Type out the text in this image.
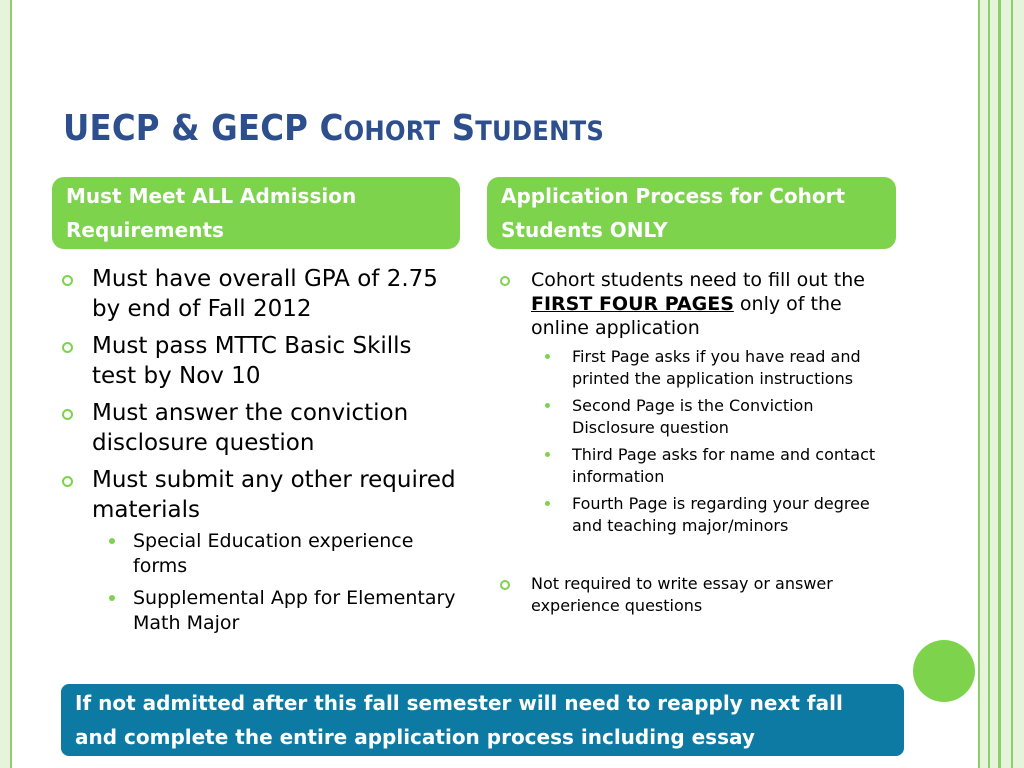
UECP & GECP COHORT STUDENTS
Must Meet ALL Admission Requirements
Application Process for Cohort Students ONLY
Must have overall GPA of 2.75 by end of Fall 2012
Must pass MTTC Basic Skills test by Nov 10
Must answer the conviction disclosure question
Must submit any other required materials
Special Education experience forms
Supplemental App for Elementary Math Major
Cohort students need to fill out the FIRST FOUR PAGES only of the online application
First Page asks if you have read and printed the application instructions
Second Page is the Conviction Disclosure question
Third Page asks for name and contact information
Fourth Page is regarding your degree and teaching major/minors
Not required to write essay or answer experience questions
If not admitted after this fall semester will need to reapply next fall and complete the entire application process including essay
